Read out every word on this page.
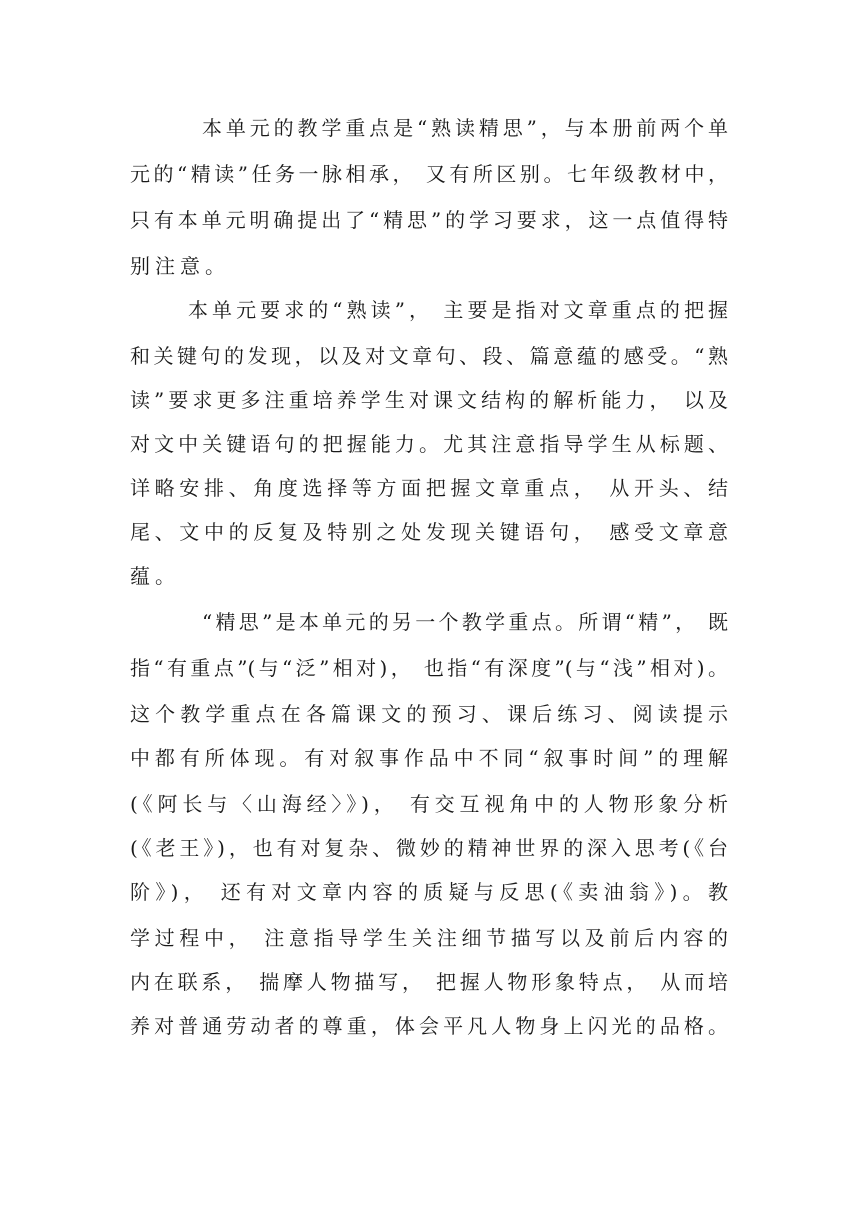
本单元的教学重点是“熟读精思”，与本册前两个单
元的“精读”任务一脉相承， 又有所区别。七年级教材中，
只有本单元明确提出了“精思”的学习要求，这一点值得特
别注意。
本单元要求的“熟读”， 主要是指对文章重点的把握
和关键句的发现，以及对文章句、段、篇意蕴的感受。“熟
读”要求更多注重培养学生对课文结构的解析能力， 以及
对文中关键语句的把握能力。尤其注意指导学生从标题、
详略安排、角度选择等方面把握文章重点， 从开头、结
尾、文中的反复及特别之处发现关键语句， 感受文章意
蕴。
“精思”是本单元的另一个教学重点。所谓“精”， 既
指“有重点”(与“泛”相对)， 也指“有深度”(与“浅”相对)。
这个教学重点在各篇课文的预习、课后练习、阅读提示
中都有所体现。有对叙事作品中不同“叙事时间”的理解
(《阿长与〈山海经〉》)， 有交互视角中的人物形象分析
(《老王》)，也有对复杂、微妙的精神世界的深入思考(《台
阶》)， 还有对文章内容的质疑与反思(《卖油翁》)。教
学过程中， 注意指导学生关注细节描写以及前后内容的
内在联系， 揣摩人物描写， 把握人物形象特点， 从而培
养对普通劳动者的尊重，体会平凡人物身上闪光的品格。
